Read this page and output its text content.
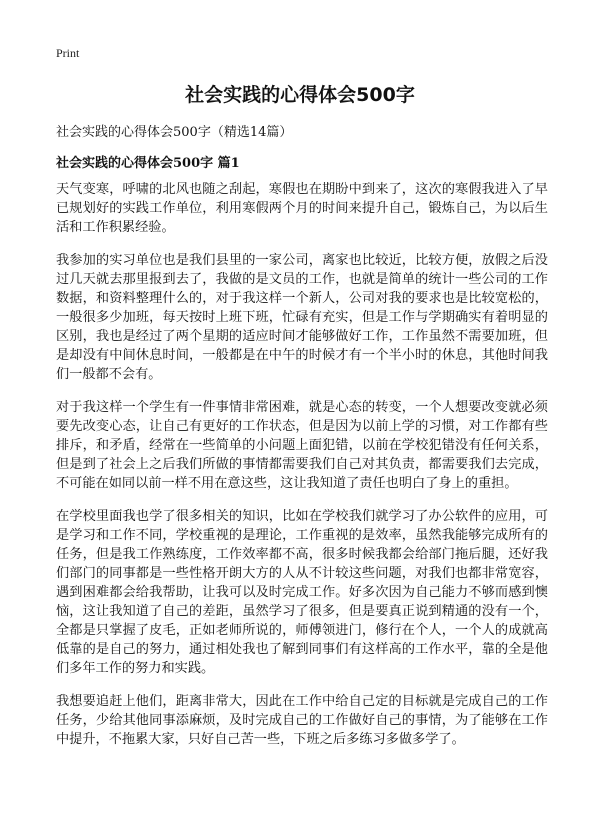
Print
社会实践的心得体会500字

社会实践的心得体会500字（精选14篇）

社会实践的心得体会500字 篇1

天气变寒，呼啸的北风也随之刮起，寒假也在期盼中到来了，这次的寒假我进入了早已规划好的实践工作单位，利用寒假两个月的时间来提升自己，锻炼自己，为以后生活和工作积累经验。

我参加的实习单位也是我们县里的一家公司，离家也比较近，比较方便，放假之后没过几天就去那里报到去了，我做的是文员的工作，也就是简单的统计一些公司的工作数据，和资料整理什么的，对于我这样一个新人，公司对我的要求也是比较宽松的，一般很多少加班，每天按时上班下班，忙碌有充实，但是工作与学期确实有着明显的区别，我也是经过了两个星期的适应时间才能够做好工作，工作虽然不需要加班，但是却没有中间休息时间，一般都是在中午的时候才有一个半小时的休息，其他时间我们一般都不会有。

对于我这样一个学生有一件事情非常困难，就是心态的转变，一个人想要改变就必须要先改变心态，让自己有更好的工作状态，但是因为以前上学的习惯，对工作都有些排斥，和矛盾，经常在一些简单的小问题上面犯错，以前在学校犯错没有任何关系，但是到了社会上之后我们所做的事情都需要我们自己对其负责，都需要我们去完成，不可能在如同以前一样不用在意这些，这让我知道了责任也明白了身上的重担。

在学校里面我也学了很多相关的知识，比如在学校我们就学习了办公软件的应用，可是学习和工作不同，学校重视的是理论，工作重视的是效率，虽然我能够完成所有的任务，但是我工作熟练度，工作效率都不高，很多时候我都会给部门拖后腿，还好我们部门的同事都是一些性格开朗大方的人从不计较这些问题，对我们也都非常宽容，遇到困难都会给我帮助，让我可以及时完成工作。好多次因为自己能力不够而感到懊恼，这让我知道了自己的差距，虽然学习了很多，但是要真正说到精通的没有一个，全都是只掌握了皮毛，正如老师所说的，师傅领进门，修行在个人，一个人的成就高低靠的是自己的努力，通过相处我也了解到同事们有这样高的工作水平，靠的全是他们多年工作的努力和实践。

我想要追赶上他们，距离非常大，因此在工作中给自己定的目标就是完成自己的工作任务，少给其他同事添麻烦，及时完成自己的工作做好自己的事情，为了能够在工作中提升，不拖累大家，只好自己苦一些，下班之后多练习多做多学了。
